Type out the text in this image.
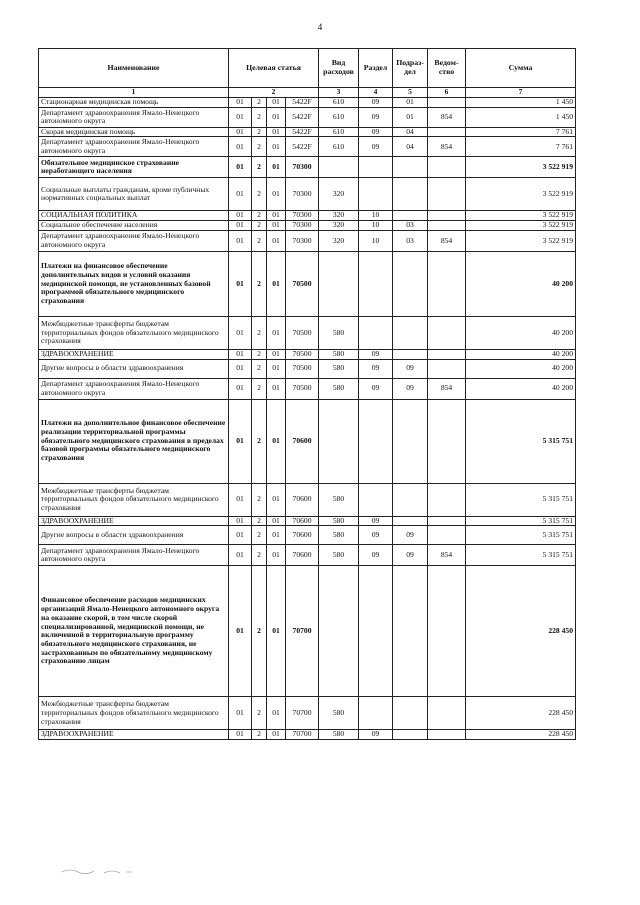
4
Наименование	Целевая статья				Вид расходов	Раздел	Подраз-дел	Ведом-ство	Сумма
1	2				3	4	5	6	7
Стационарная медицинская помощь	01	2	01	5422F	610	09	01		1 450
Департамент здравоохранения Ямало-Ненецкого автономного округа	01	2	01	5422F	610	09	01	854	1 450
Скорая медицинская помощь	01	2	01	5422F	610	09	04		7 761
Департамент здравоохранения Ямало-Ненецкого автономного округа	01	2	01	5422F	610	09	04	854	7 761
Обязательное медицинское страхование неработающего населения	01	2	01	70300					3 522 919
Социальные выплаты гражданам, кроме публичных нормативных социальных выплат	01	2	01	70300	320				3 522 919
СОЦИАЛЬНАЯ ПОЛИТИКА	01	2	01	70300	320	10			3 522 919
Социальное обеспечение населения	01	2	01	70300	320	10	03		3 522 919
Департамент здравоохранения Ямало-Ненецкого автономного округа	01	2	01	70300	320	10	03	854	3 522 919
Платежи на финансовое обеспечение дополнительных видов и условий оказания медицинской помощи, не установленных базовой программой обязательного медицинского страхования	01	2	01	70500					40 200
Межбюджетные трансферты бюджетам территориальных фондов обязательного медицинского страхования	01	2	01	70500	580				40 200
ЗДРАВООХРАНЕНИЕ	01	2	01	70500	580	09			40 200
Другие вопросы в области здравоохранения	01	2	01	70500	580	09	09		40 200
Департамент здравоохранения Ямало-Ненецкого автономного округа	01	2	01	70500	580	09	09	854	40 200
Платежи на дополнительное финансовое обеспечение реализации территориальной программы обязательного медицинского страхования в пределах базовой программы обязательного медицинского страхования	01	2	01	70600					5 315 751
Межбюджетные трансферты бюджетам территориальных фондов обязательного медицинского страхования	01	2	01	70600	580				5 315 751
ЗДРАВООХРАНЕНИЕ	01	2	01	70600	580	09			5 315 751
Другие вопросы в области здравоохранения	01	2	01	70600	580	09	09		5 315 751
Департамент здравоохранения Ямало-Ненецкого автономного округа	01	2	01	70600	580	09	09	854	5 315 751
Финансовое обеспечение расходов медицинских организаций Ямало-Ненецкого автономного округа на оказание скорой, в том числе скорой специализированной, медицинской помощи, не включенной в территориальную программу обязательного медицинского страхования, не застрахованным по обязательному медицинскому страхованию лицам	01	2	01	70700					228 450
Межбюджетные трансферты бюджетам территориальных фондов обязательного медицинского страхования	01	2	01	70700	580				228 450
ЗДРАВООХРАНЕНИЕ	01	2	01	70700	580	09			228 450
